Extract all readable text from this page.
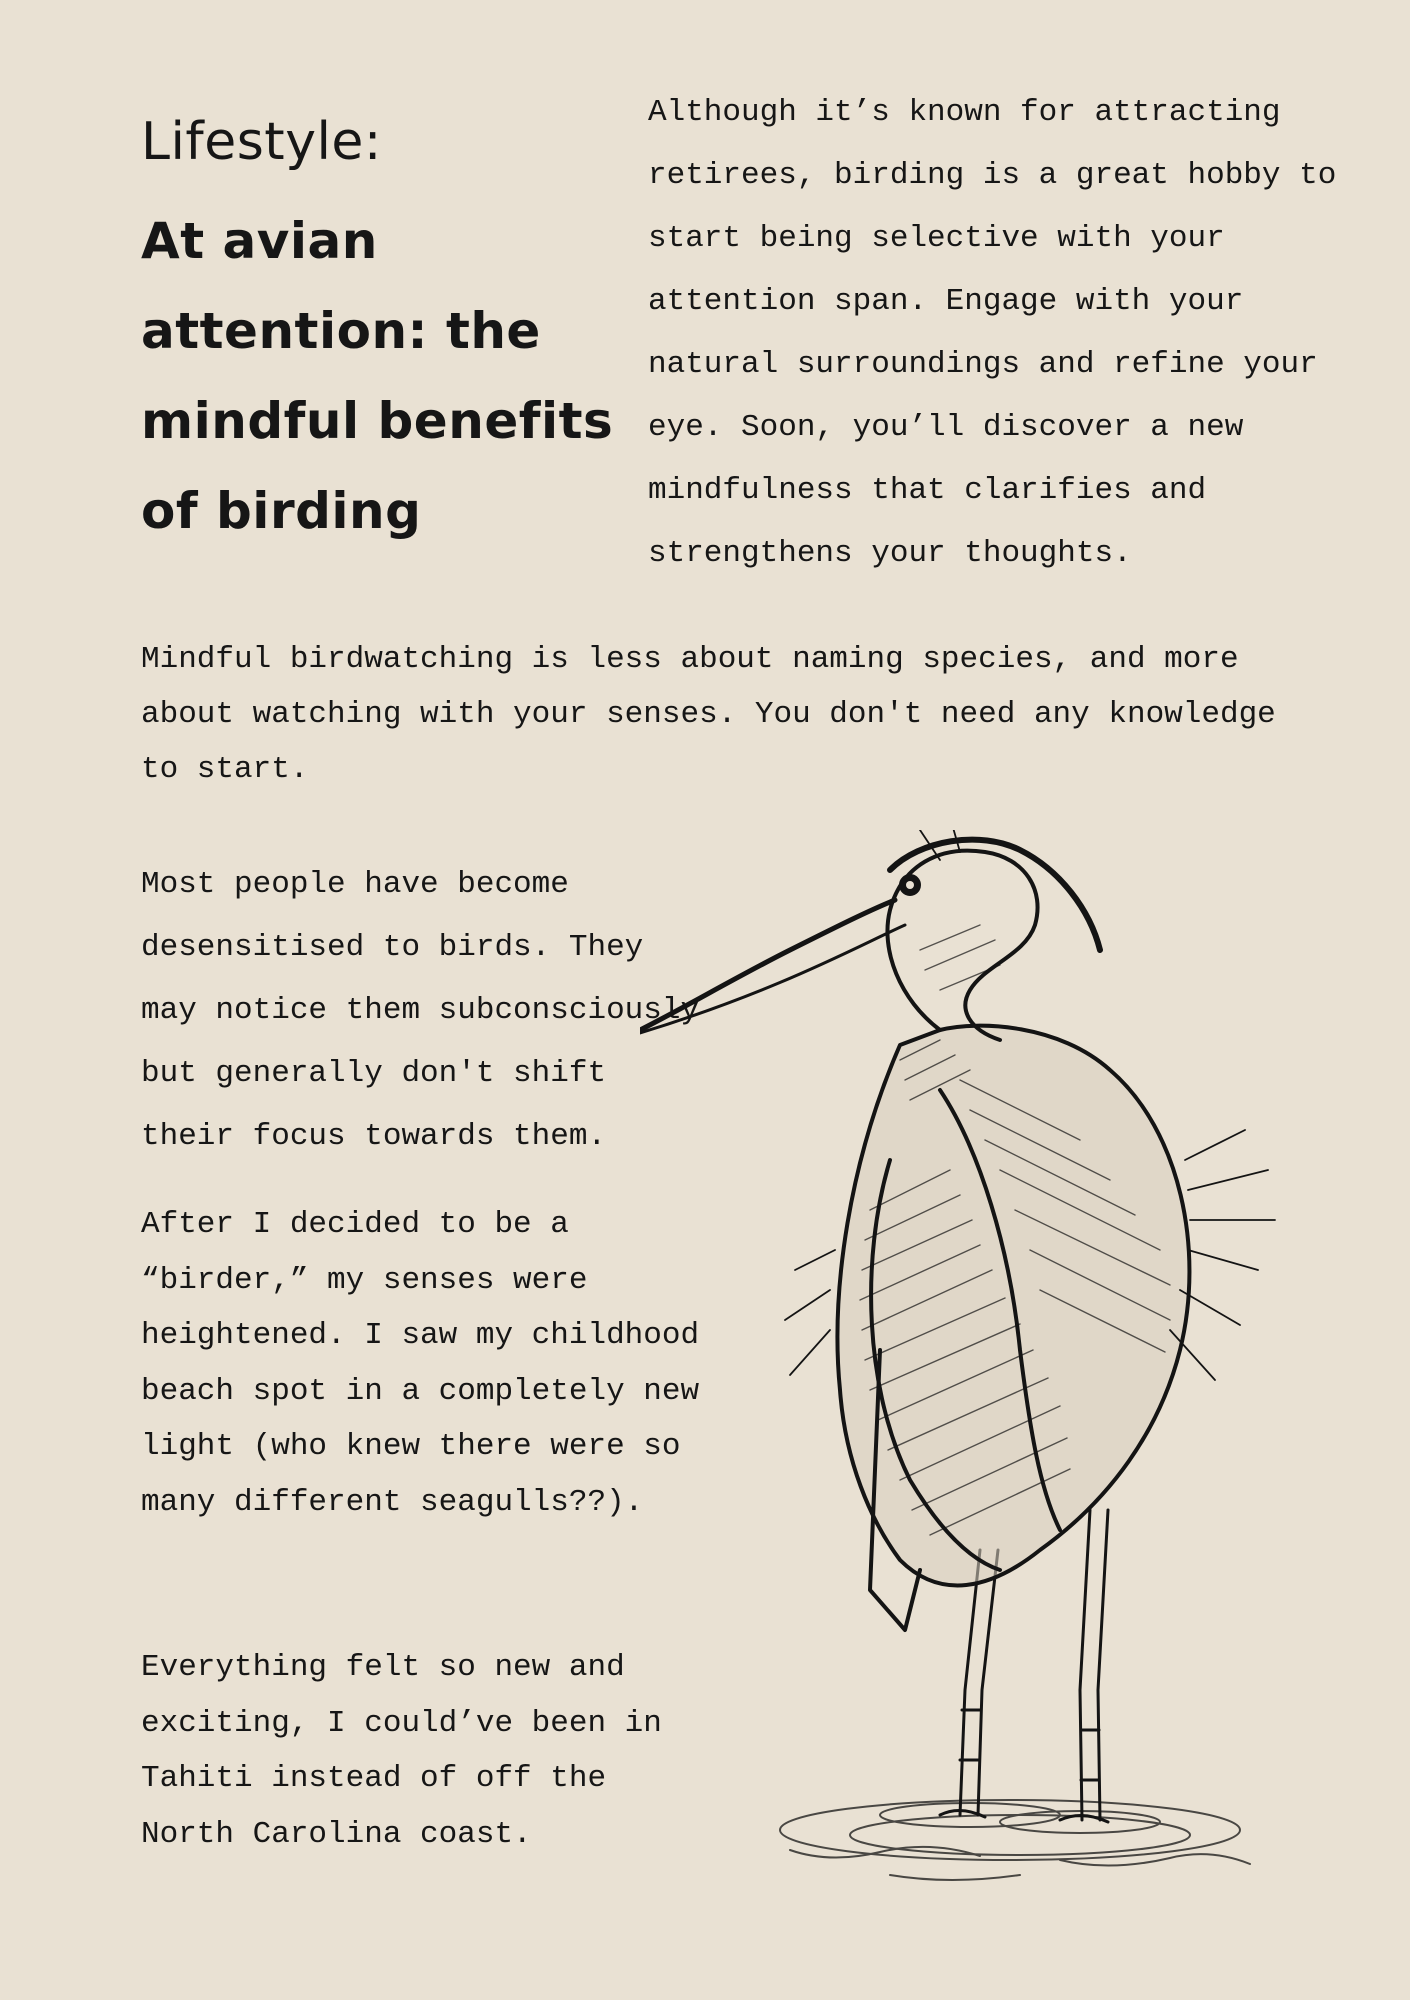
Lifestyle:
At avian attention: the mindful benefits of birding

Although it’s known for attracting retirees, birding is a great hobby to start being selective with your attention span. Engage with your natural surroundings and refine your eye. Soon, you’ll discover a new mindfulness that clarifies and strengthens your thoughts.

Mindful birdwatching is less about naming species, and more about watching with your senses. You don't need any knowledge to start.

Most people have become desensitised to birds. They may notice them subconsciously but generally don't shift their focus towards them.

After I decided to be a “birder,” my senses were heightened. I saw my childhood beach spot in a completely new light (who knew there were so many different seagulls??).

Everything felt so new and exciting, I could’ve been in Tahiti instead of off the North Carolina coast.
